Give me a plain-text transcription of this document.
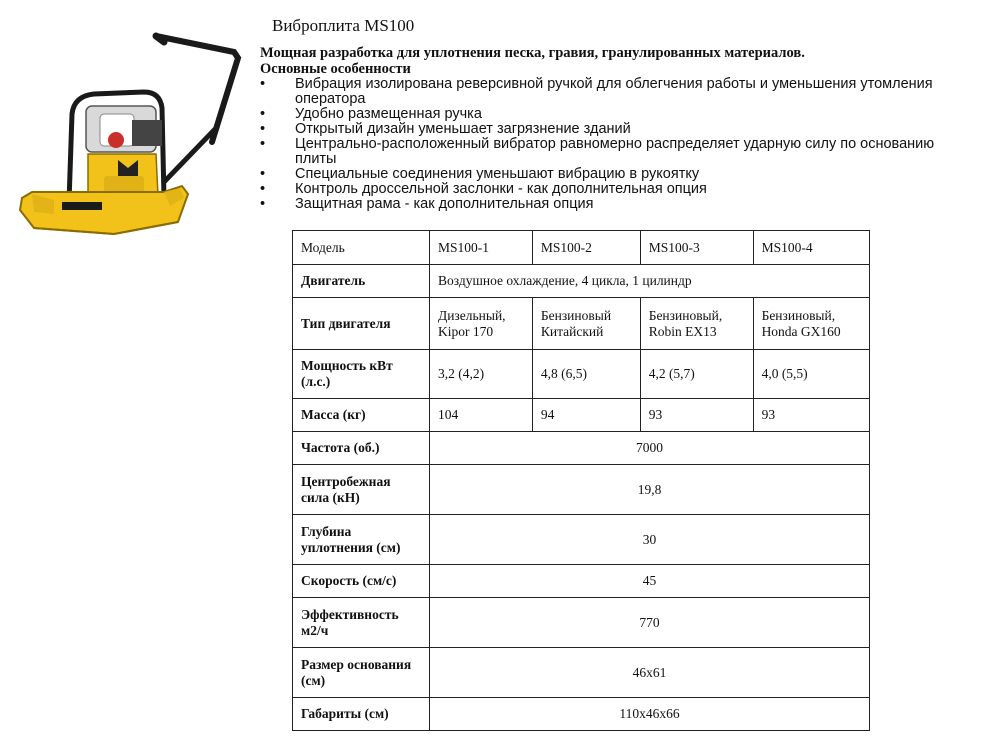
Виброплита MS100
Мощная разработка для уплотнения песка, гравия, гранулированных материалов.
Основные особенности
• Вибрация изолирована реверсивной ручкой для облегчения работы и уменьшения утомления оператора
• Удобно размещенная ручка
• Открытый дизайн уменьшает загрязнение зданий
• Центрально-расположенный вибратор равномерно распределяет ударную силу по основанию плиты
• Специальные соединения уменьшают вибрацию в рукоятку
• Контроль дроссельной заслонки - как дополнительная опция
• Защитная рама - как дополнительная опция
Модель	MS100-1	MS100-2	MS100-3	MS100-4
Двигатель	Воздушное охлаждение, 4 цикла, 1 цилиндр			
Тип двигателя	Дизельный, Kipor 170	Бензиновый Китайский	Бензиновый, Robin EX13	Бензиновый, Honda GX160
Мощность кВт (л.с.)	3,2 (4,2)	4,8 (6,5)	4,2 (5,7)	4,0 (5,5)
Масса (кг)	104	94	93	93
Частота (об.)	7000			
Центробежная сила (кН)	19,8			
Глубина уплотнения (см)	30			
Скорость (см/с)	45			
Эффективность м2/ч	770			
Размер основания (см)	46x61			
Габариты (см)	110x46x66			
